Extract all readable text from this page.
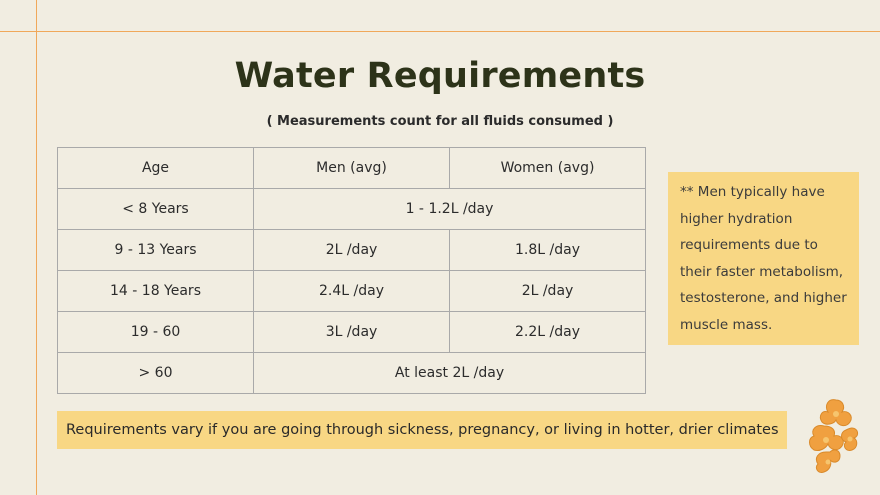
Water Requirements
( Measurements count for all fluids consumed )
Age	Men (avg)	Women (avg)
< 8 Years	1 - 1.2L /day	
9 - 13 Years	2L /day	1.8L /day
14 - 18 Years	2.4L /day	2L /day
19 - 60	3L /day	2.2L /day
> 60	At least 2L /day	
** Men typically have higher hydration requirements due to their faster metabolism, testosterone, and higher muscle mass.
Requirements vary if you are going through sickness, pregnancy, or living in hotter, drier climates
